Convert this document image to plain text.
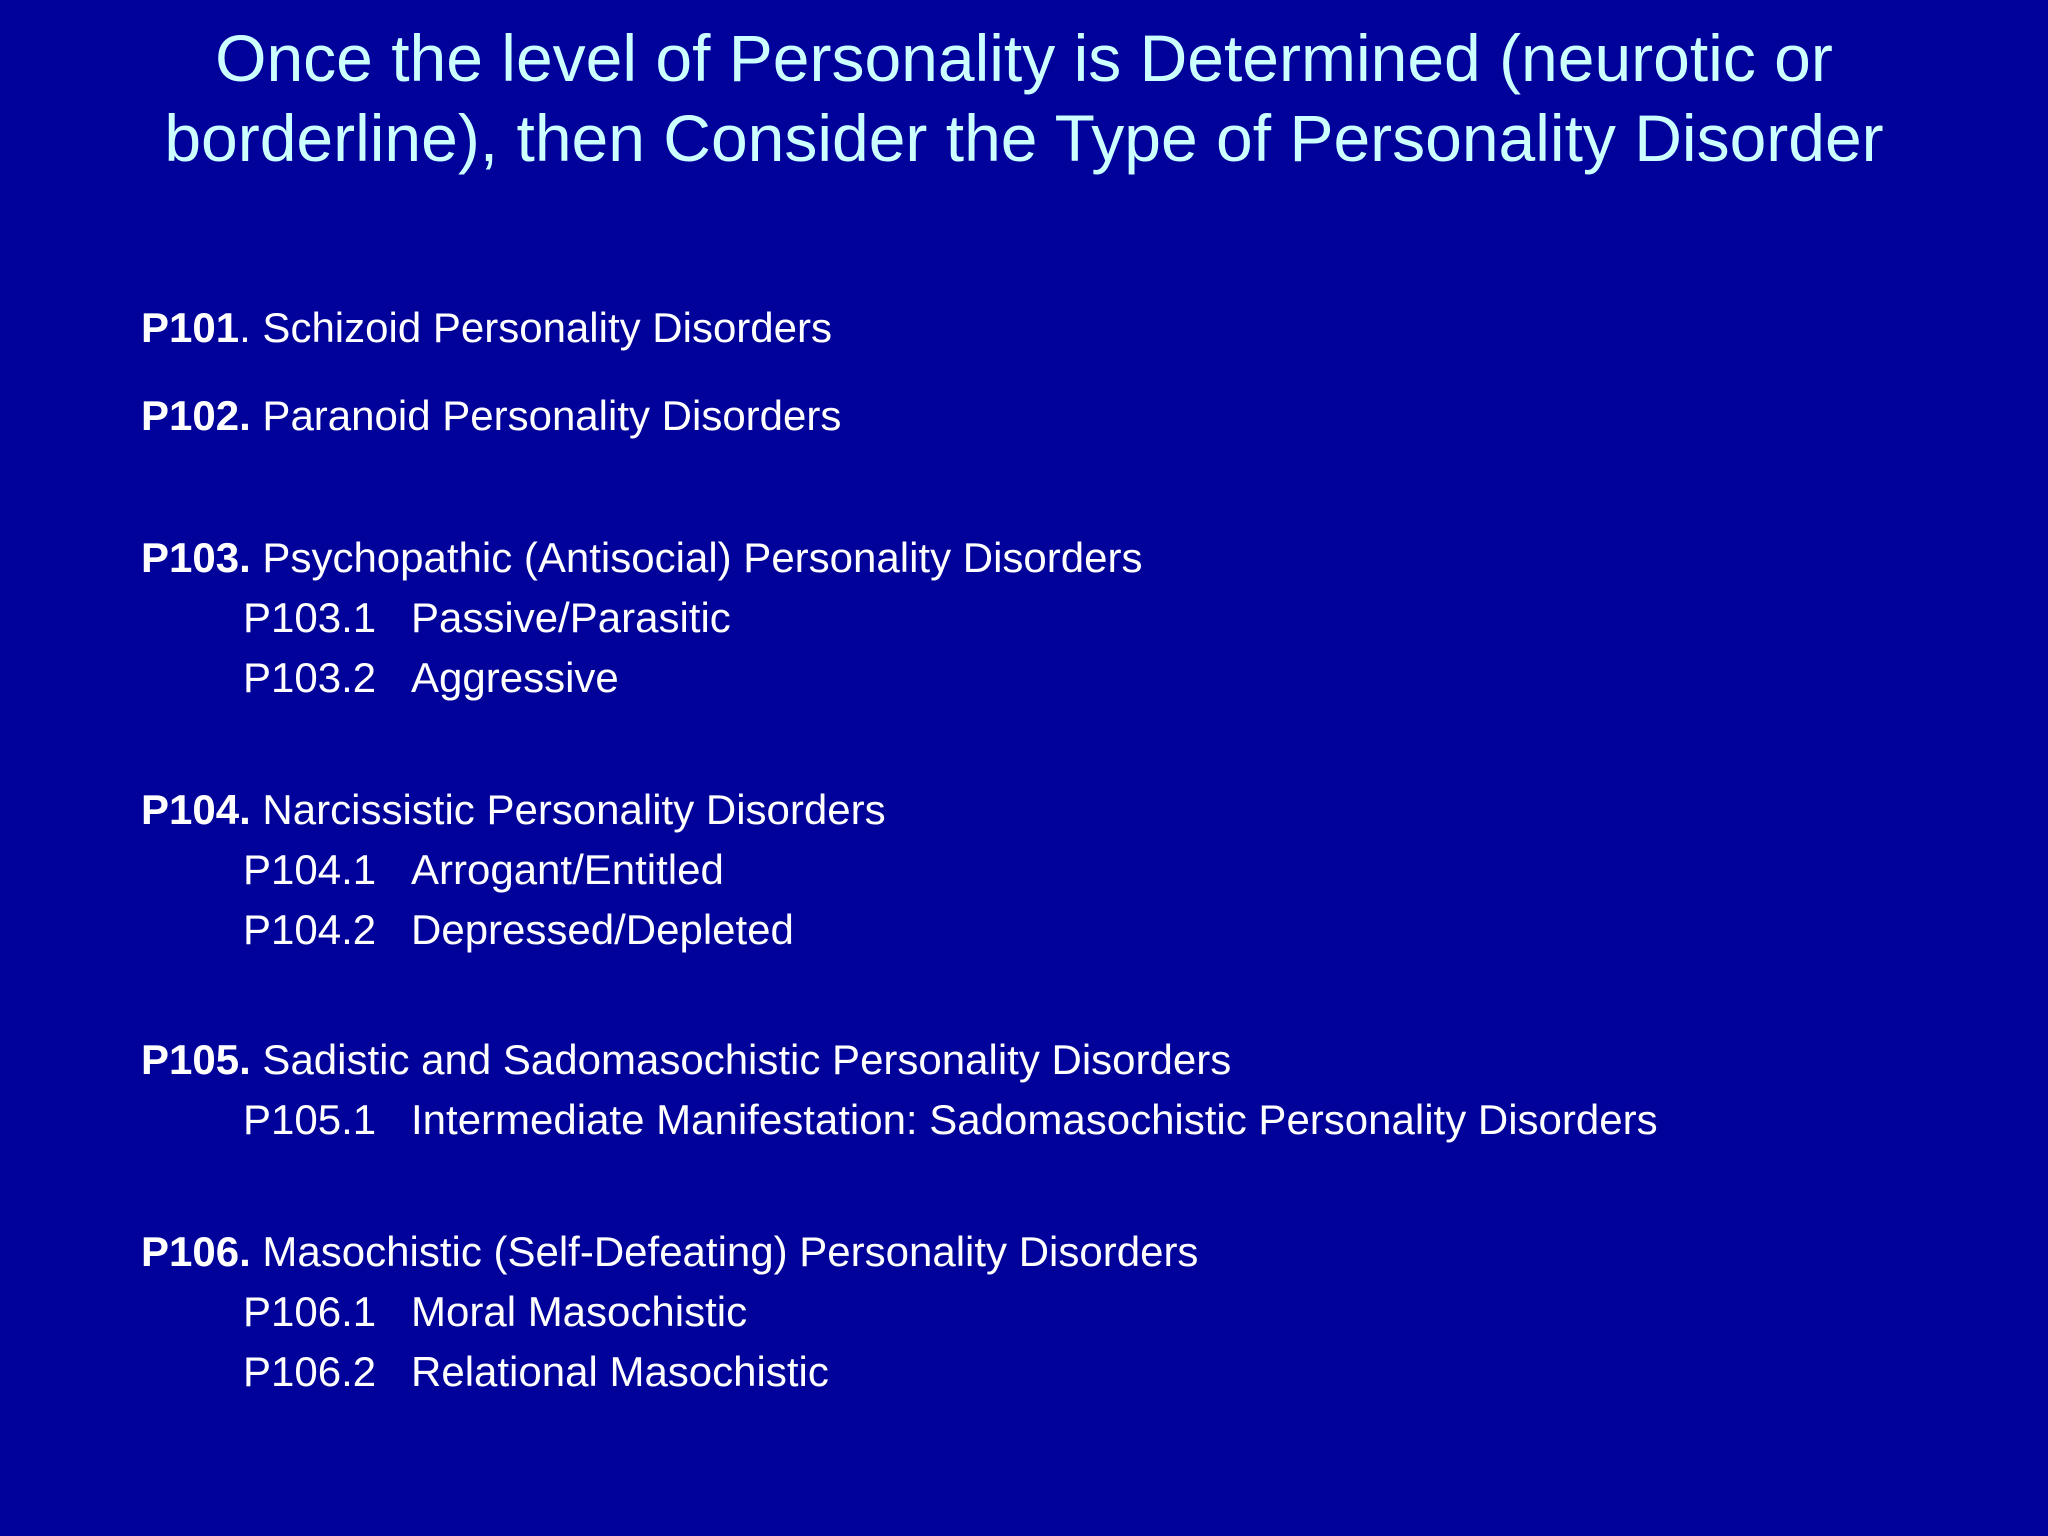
Once the level of Personality is Determined (neurotic or
borderline), then Consider the Type of Personality Disorder
P101. Schizoid Personality Disorders
P102. Paranoid Personality Disorders
P103. Psychopathic (Antisocial) Personality Disorders
P103.1 Passive/Parasitic
P103.2 Aggressive
P104. Narcissistic Personality Disorders
P104.1 Arrogant/Entitled
P104.2 Depressed/Depleted
P105. Sadistic and Sadomasochistic Personality Disorders
P105.1 Intermediate Manifestation: Sadomasochistic Personality Disorders
P106. Masochistic (Self-Defeating) Personality Disorders
P106.1 Moral Masochistic
P106.2 Relational Masochistic
